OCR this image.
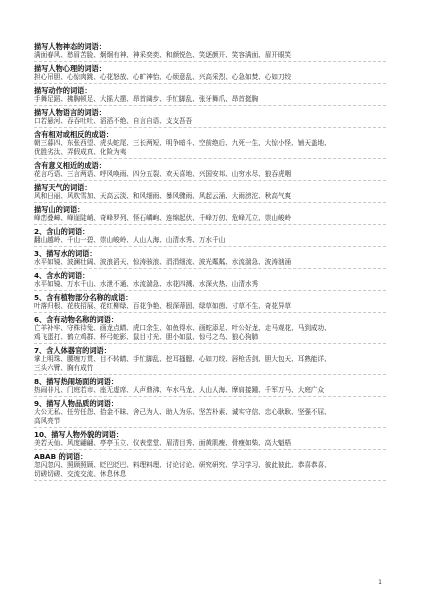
描写人物神态的词语：
满面春风、愁眉苦脸、炯炯有神、神采奕奕、和颜悦色、笑逐颜开、笑容满面、眉开眼笑
描写人物心理的词语：
担心吊胆、心惊肉跳、心花怒放、心旷神怡、心烦意乱、兴高采烈、心急如焚、心如刀绞
描写动作的词语：
手舞足蹈、拂胸顿足、大摇大摆、昂首阔步、手忙脚乱、张牙舞爪、昂首挺胸
描写人物语言的词语：
口若悬河、吞吞吐吐、滔滔不绝、自言自语、支支吾吾
含有相对或相反的成语：
朝三暮四、东张西望、虎头蛇尾、三长两短、明争暗斗、空前绝后、九死一生、大惊小怪、铺天盖地、
优胜劣汰、弄假成真、化险为夷
含有意义相近的成语：
花言巧语、三言两语、呼风唤雨、四分五裂、欢天喜地、兴国安邦、山穷水尽、狼吞虎咽
描写天气的词语：
风和日丽、风吹雪加、天高云淡、和风细雨、暴风骤雨、风起云涌、大雨滂沱、秋高气爽
描写山的词语：
峰峦叠嶂、峰崖陡峭、奇峰罗列、怪石嶙峋、连绵起伏、千峰万仞、危峰兀立、崇山峻岭
2、含山的词语：
翻山越岭、千山一碧、崇山峻岭、人山人海、山清水秀、万水千山
3、描写水的词语：
水平如镜、波澜壮阔、波浪滔天、惊涛骇浪、涓涓细流、波光粼粼、水流湍急、波涛汹涌
4、含水的词语：
水平如镜、万水千山、水泄不通、水流湍急、水花四溅、水深火热、山清水秀
5、含有植物部分名称的成语：
叶落归根、花枝招展、花红柳绿、百花争艳、根深蒂固、绿草如茵、寸草不生、奇花异草
6、含有动物名称的词语：
亡羊补牢、守株待兔、画龙点睛、虎口余生、如鱼得水、画蛇添足、叶公好龙、走马观花、马到成功、
鸡飞蛋打、鹤立鸡群、杯弓蛇影、鼠目寸光、胆小如鼠、惊弓之鸟、狼心狗肺
7、含人体器官的词语：
掌上明珠、腰缠万贯、目不转睛、手忙脚乱、挖耳搔腮、心如刀绞、唇枪舌剑、胆大包天、耳熟能详、
三头六臂、胸有成竹
8、描写热闹场面的词语：
热闹非凡、门庭若市、座无虚席、人声鼎沸、车水马龙、人山人海、摩肩接踵、千军万马、大庭广众
9、描写人物品质的词语：
大公无私、任劳任怨、拾金不昧、舍己为人、助人为乐、坚苦朴素、诚实守信、忠心耿耿、坚强不屈、
高风亮节
10、描写人物外貌的词语：
美若天仙、风度翩翩、亭亭玉立、仪表堂堂、眉清目秀、面黄肌瘦、骨瘦如柴、高大魁梧
ABAB 的词语：
忽闪忽闪、照顾照顾、眨巴眨巴、料理料理、讨论讨论、研究研究、学习学习、彼此彼此、恭喜恭喜、
切磋切磋、交流交流、休息休息
1
